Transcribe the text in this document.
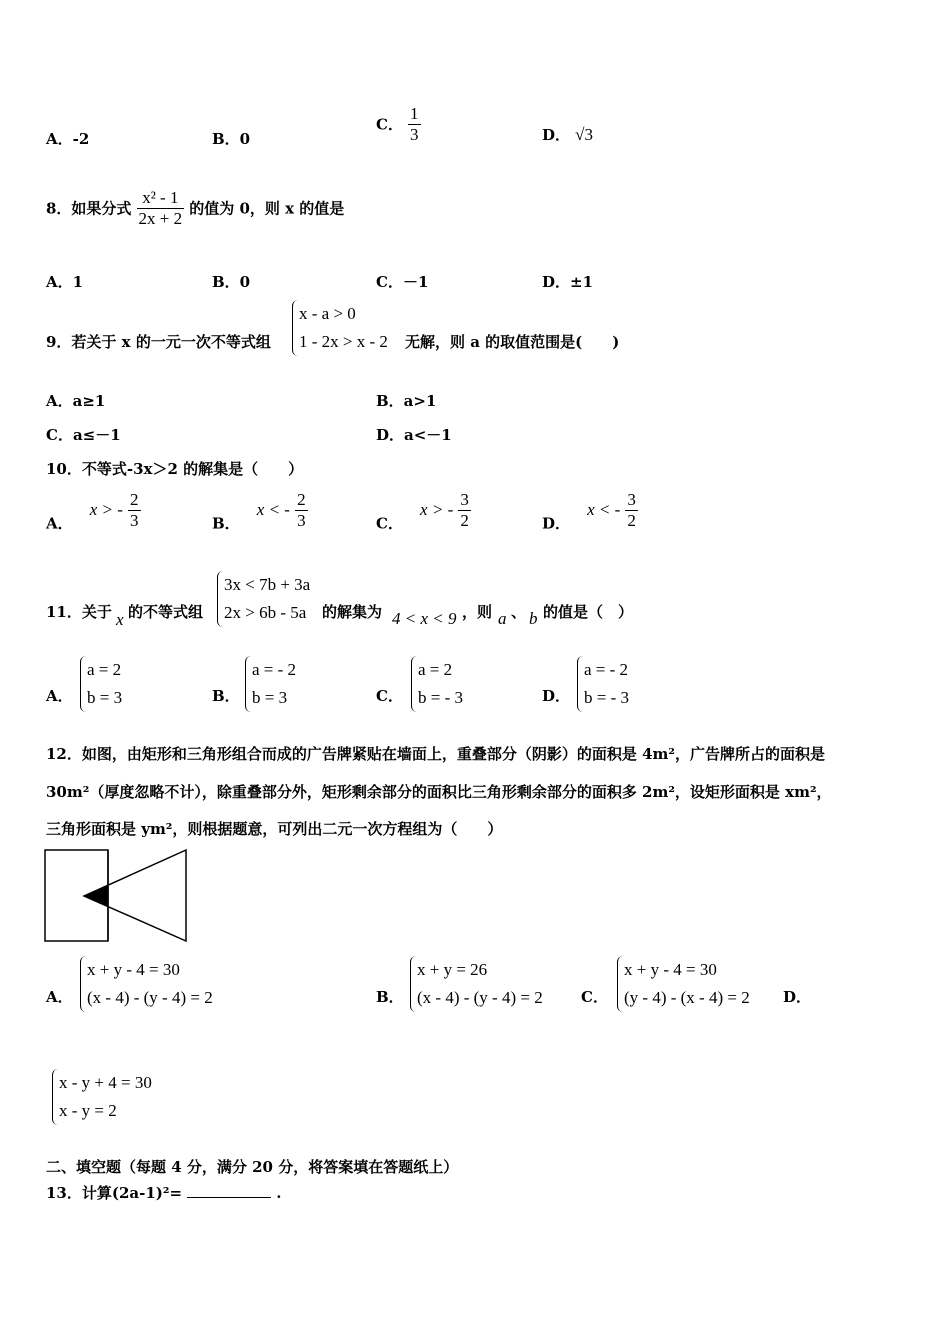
A．-2	B．0
C． $\frac{1}{3}$	D． √3
8．如果分式 $\frac{\text{x² - 1}}{2x + 2}$ 的值为 0，则 x 的值是
A．1	B．0	C．－1	D．±1
9．若关于 x 的一元一次不等式组
x - a > 0
1 - 2x > x - 2 无解，则 a 的取值范围是(　　)
A．a≥1	B．a>1
C．a≤－1	D．a<－1
10．不等式-3x＞2 的解集是（　　）
A． x > - $\frac{2}{3}$	B． x < - $\frac{2}{3}$	C． x > - $\frac{3}{2}$	D． x < - $\frac{3}{2}$
11．关于 x 的不等式组
3x < 7b + 3a
2x > 6b - 5a 的解集为 4 < x < 9 ，则 a 、 b 的值是（　）
A．
a = 2
b = 3	B．
a = - 2
b = 3	C．
a = 2
b = - 3	D．
a = - 2
b = - 3
12．如图，由矩形和三角形组合而成的广告牌紧贴在墙面上，重叠部分（阴影）的面积是 4m²，广告牌所占的面积是
30m²（厚度忽略不计），除重叠部分外，矩形剩余部分的面积比三角形剩余部分的面积多 2m²，设矩形面积是 xm²，
三角形面积是 ym²，则根据题意，可列出二元一次方程组为（　　）
A．
x + y - 4 = 30
(x - 4) - (y - 4) = 2	B．
x + y = 26
(x - 4) - (y - 4) = 2	C．
x + y - 4 = 30
(y - 4) - (x - 4) = 2 D．
x - y + 4 = 30
x - y = 2
二、填空题（每题 4 分，满分 20 分，将答案填在答题纸上）
13．计算(2a-1)²=	.
